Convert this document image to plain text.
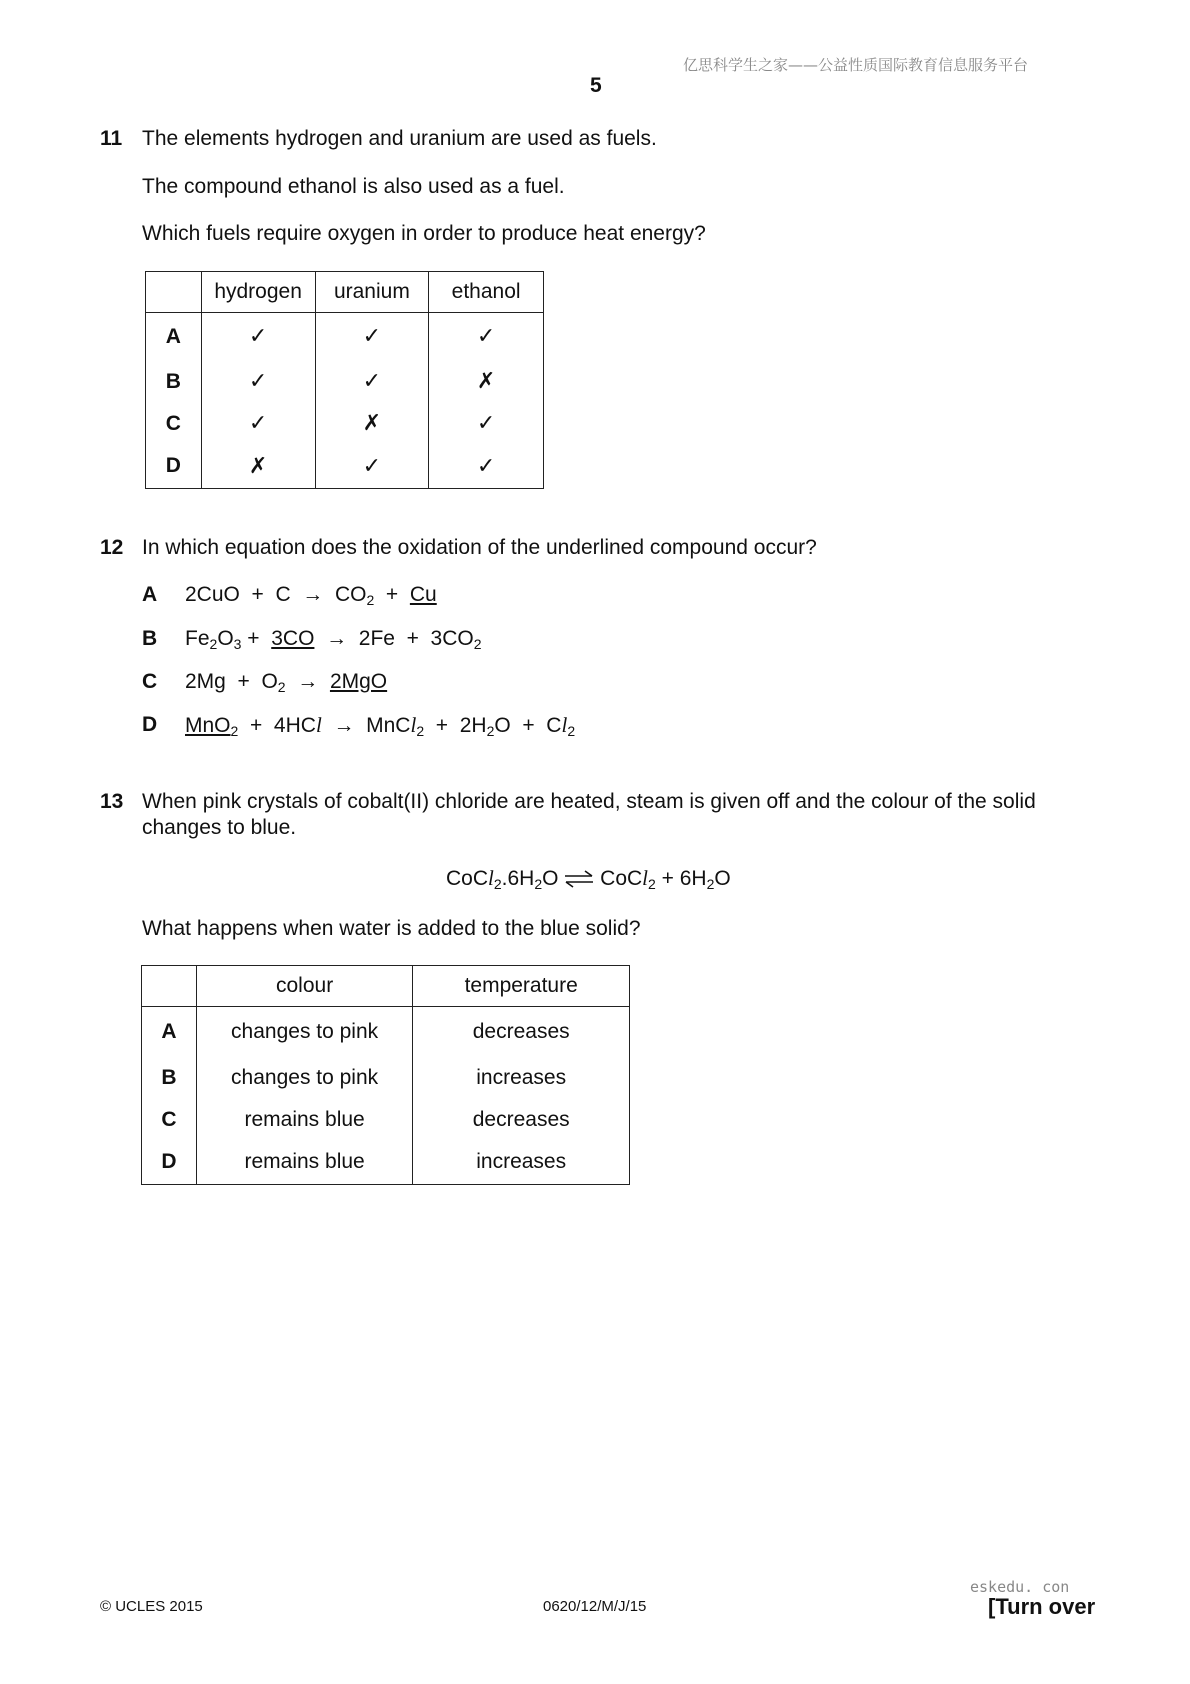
亿思科学生之家——公益性质国际教育信息服务平台
5
11 The elements hydrogen and uranium are used as fuels.
The compound ethanol is also used as a fuel.
Which fuels require oxygen in order to produce heat energy?
	hydrogen	uranium	ethanol
A	✓	✓	✓
B	✓	✓	✗
C	✓	✗	✓
D	✗	✓	✓
12 In which equation does the oxidation of the underlined compound occur?
A $2CuO + C \to CO_2 + Cu$
B $Fe_2O_3 + 3CO \to 2Fe + 3CO_2$
C $2Mg + O_2 \to 2MgO$
D MnO$_2$  +  4HCl  →  MnCl$_2$  +  $2H_2O + Cl_2$
13 When pink crystals of cobalt(II) chloride are heated, steam is given off and the colour of the solid
changes to blue.
$CoCl_2.6H_2O$ ⇌ CoCl$_2$ + $6H_2O$
What happens when water is added to the blue solid?
	colour	temperature
A	changes to pink	decreases
B	changes to pink	increases
C	remains blue	decreases
D	remains blue	increases
eskedu. con
© UCLES 2015	0620/12/M/J/15	[Turn over
